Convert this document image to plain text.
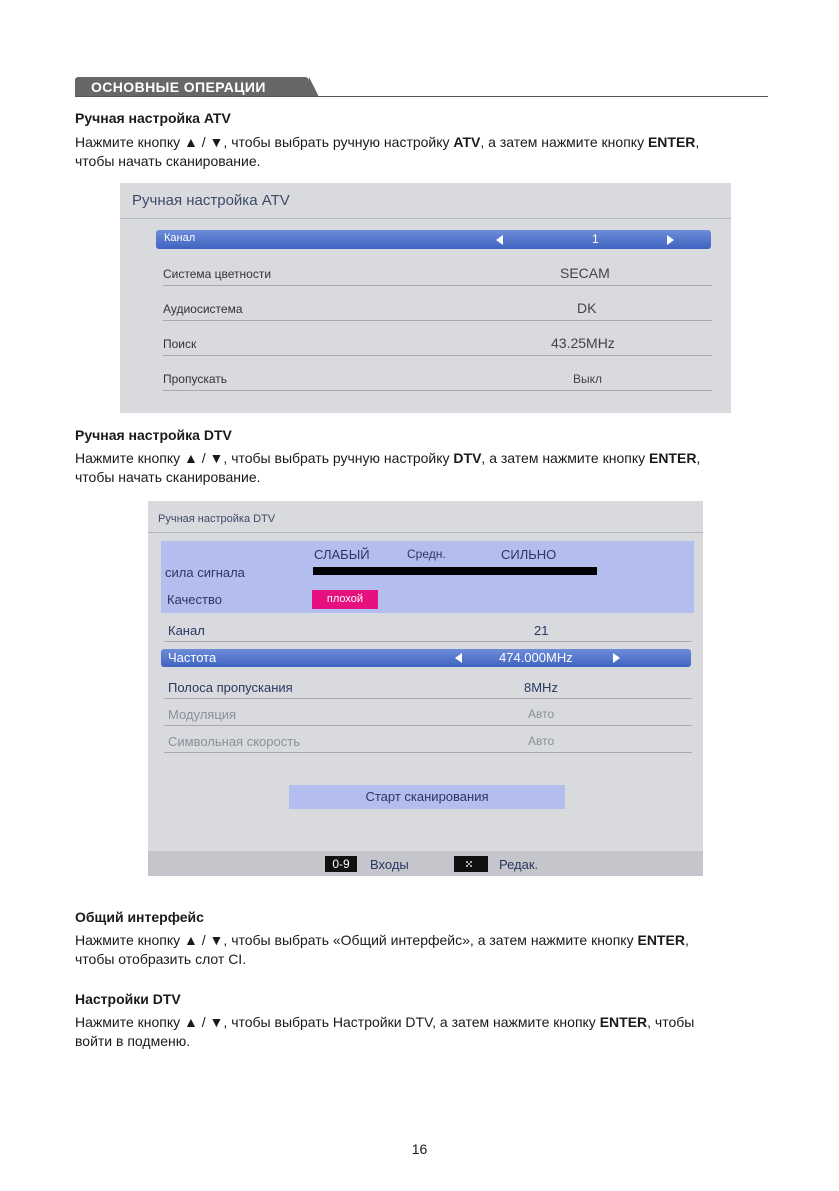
ОСНОВНЫЕ ОПЕРАЦИИ
Ручная настройка ATV
Нажмите кнопку ▲ / ▼, чтобы выбрать ручную настройку ATV, а затем нажмите кнопку ENTER,
чтобы начать сканирование.
Ручная настройка ATV
Канал	1
Система цветности	SECAM
Аудиосистема	DK
Поиск	43.25MHz
Пропускать	Выкл
Ручная настройка DTV
Нажмите кнопку ▲ / ▼, чтобы выбрать ручную настройку DTV, а затем нажмите кнопку ENTER,
чтобы начать сканирование.
Ручная настройка DTV
СЛАБЫЙ	Средн.	СИЛЬНО
сила сигнала
Качество	плохой
Канал	21
Частота	474.000MHz
Полоса пропускания	8MHz
Модуляция	Авто
Символьная скорость	Авто
Старт сканирования
0-9	Входы	Редак.
Общий интерфейс
Нажмите кнопку ▲ / ▼, чтобы выбрать «Общий интерфейс», а затем нажмите кнопку ENTER,
чтобы отобразить слот CI.
Настройки DTV
Нажмите кнопку ▲ / ▼, чтобы выбрать Настройки DTV, а затем нажмите кнопку ENTER, чтобы
войти в подменю.
16
